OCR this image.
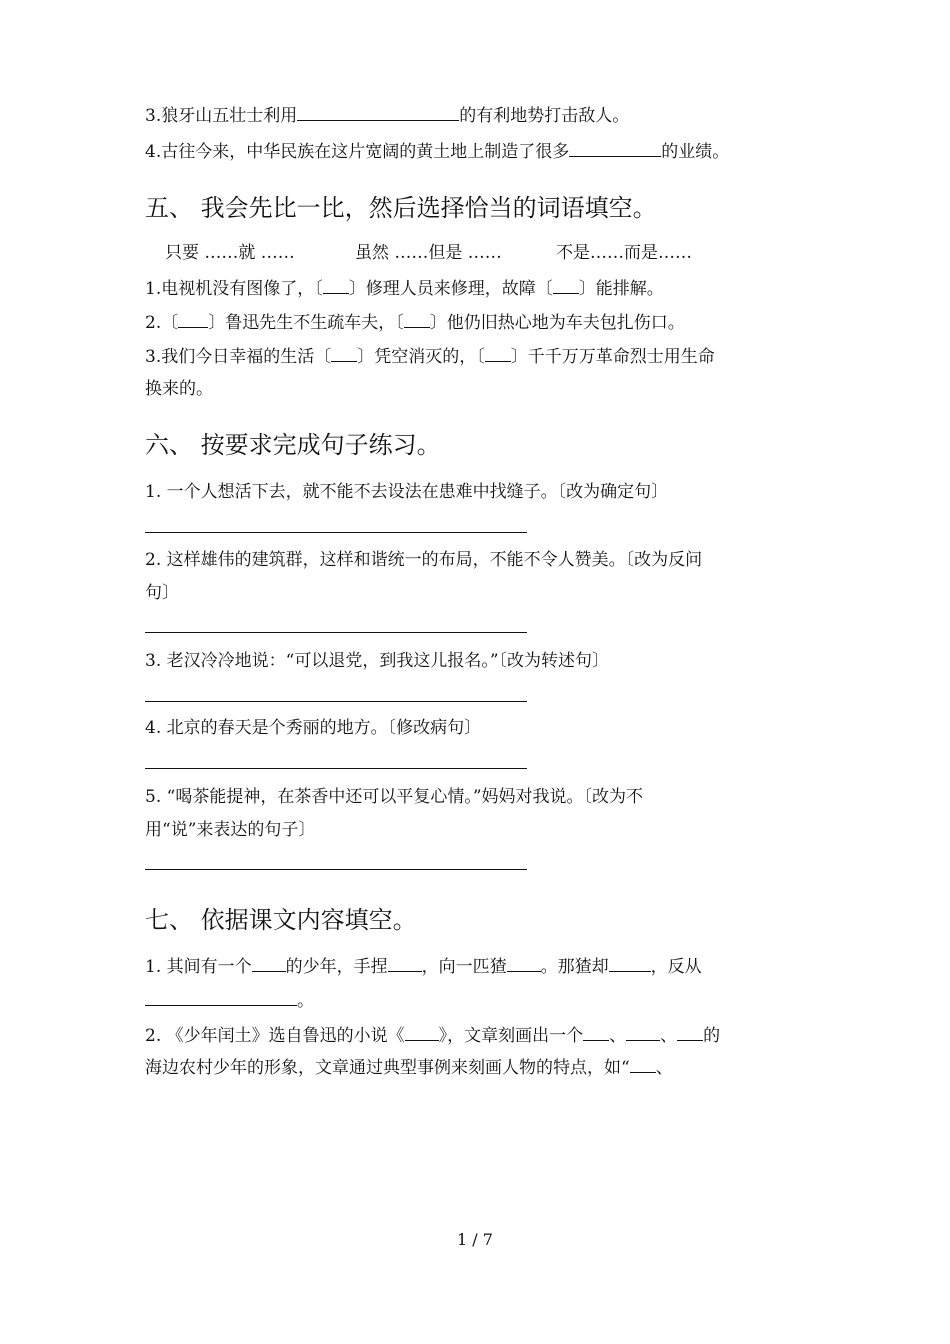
3.狼牙山五壮士利用	的有利地势打击敌人。
4.古往今来，中华民族在这片宽阔的黄土地上制造了很多	的业绩。
五、 我会先比一比，然后选择恰当的词语填空。
只要 ……就 ……	虽然 ……但是 ……	不是……而是……
1.电视机没有图像了，〔 〕修理人员来修理，故障〔 〕能排解。
2.〔 〕鲁迅先生不生疏车夫，〔 〕他仍旧热心地为车夫包扎伤口。
3.我们今日幸福的生活〔 〕凭空消灭的，〔 〕千千万万革命烈士用生命
换来的。
六、 按要求完成句子练习。
1. 一个人想活下去，就不能不去设法在患难中找缝子。〔改为确定句〕
2. 这样雄伟的建筑群，这样和谐统一的布局，不能不令人赞美。〔改为反问
句〕
3. 老汉冷冷地说：“可以退党，到我这儿报名。”〔改为转述句〕
4. 北京的春天是个秀丽的地方。〔修改病句〕
5. “喝茶能提神，在茶香中还可以平复心情。”妈妈对我说。〔改为不
用“说”来表达的句子〕
七、 依据课文内容填空。
1. 其间有一个 的少年，手捏 ，向一匹猹 。那猹却 ，反从
。
2. 《少年闰土》选自鲁迅的小说《 》，文章刻画出一个 、 、 的
海边农村少年的形象，文章通过典型事例来刻画人物的特点，如“ 、
1 / 7
